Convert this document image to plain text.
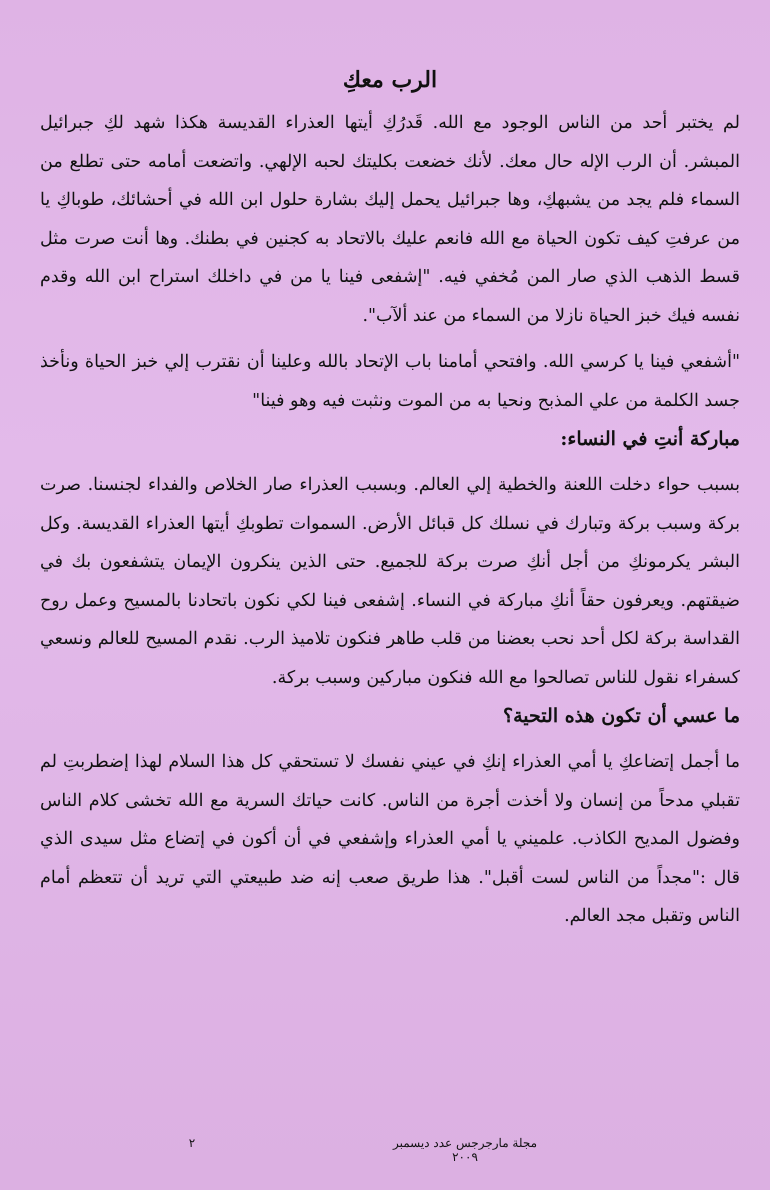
الرب معكِ

لم يختبر أحد من الناس الوجود مع الله. قَدرُكِ أيتها العذراء القديسة هكذا شهد لكِ جبرائيل المبشر. أن الرب الإله حال معك. لأنك خضعت بكليتك لحبه الإلهي. واتضعت أمامه حتى تطلع من السماء فلم يجد من يشبهكِ، وها جبرائيل يحمل إليك بشارة حلول ابن الله في أحشائك، طوباكِ يا من عرفتِ كيف تكون الحياة مع الله فانعم عليك بالاتحاد به كجنين في بطنك. وها أنت صرت مثل قسط الذهب الذي صار المن مُخفي فيه. "إشفعى فينا يا من في داخلك استراح ابن الله وقدم نفسه فيك خبز الحياة نازلا من السماء من عند ألآب".

"أشفعي فينا يا كرسي الله. وافتحي أمامنا باب الإتحاد بالله وعلينا أن نقترب إلي خبز الحياة ونأخذ جسد الكلمة من علي المذبح ونحيا به من الموت ونثبت فيه وهو فينا"

مباركة أنتِ في النساء:

بسبب حواء دخلت اللعنة والخطية إلي العالم. وبسبب العذراء صار الخلاص والفداء لجنسنا. صرت بركة وسبب بركة وتبارك في نسلك كل قبائل الأرض. السموات تطوبكِ أيتها العذراء القديسة. وكل البشر يكرمونكِ من أجل أنكِ صرت بركة للجميع. حتى الذين ينكرون الإيمان يتشفعون بك في ضيقتهم. ويعرفون حقاً أنكِ مباركة في النساء. إشفعى فينا لكي نكون باتحادنا بالمسيح وعمل روح القداسة بركة لكل أحد نحب بعضنا من قلب طاهر فنكون تلاميذ الرب. نقدم المسيح للعالم ونسعي كسفراء نقول للناس تصالحوا مع الله فنكون مباركين وسبب بركة.

ما عسي أن تكون هذه التحية؟

ما أجمل إتضاعكِ يا أمي العذراء إنكِ في عيني نفسك لا تستحقي كل هذا السلام لهذا إضطربتِ لم تقبلي مدحاً من إنسان ولا أخذت أجرة من الناس. كانت حياتك السرية مع الله تخشى كلام الناس وفضول المديح الكاذب. علميني يا أمي العذراء وإشفعي في أن أكون في إتضاع مثل سيدى الذي قال :"مجداً من الناس لست أقبل". هذا طريق صعب إنه ضد طبيعتي التي تريد أن تتعظم أمام الناس وتقبل مجد العالم.

مجلة مارجرجس عدد ديسمبر ٢٠٠٩
٢
